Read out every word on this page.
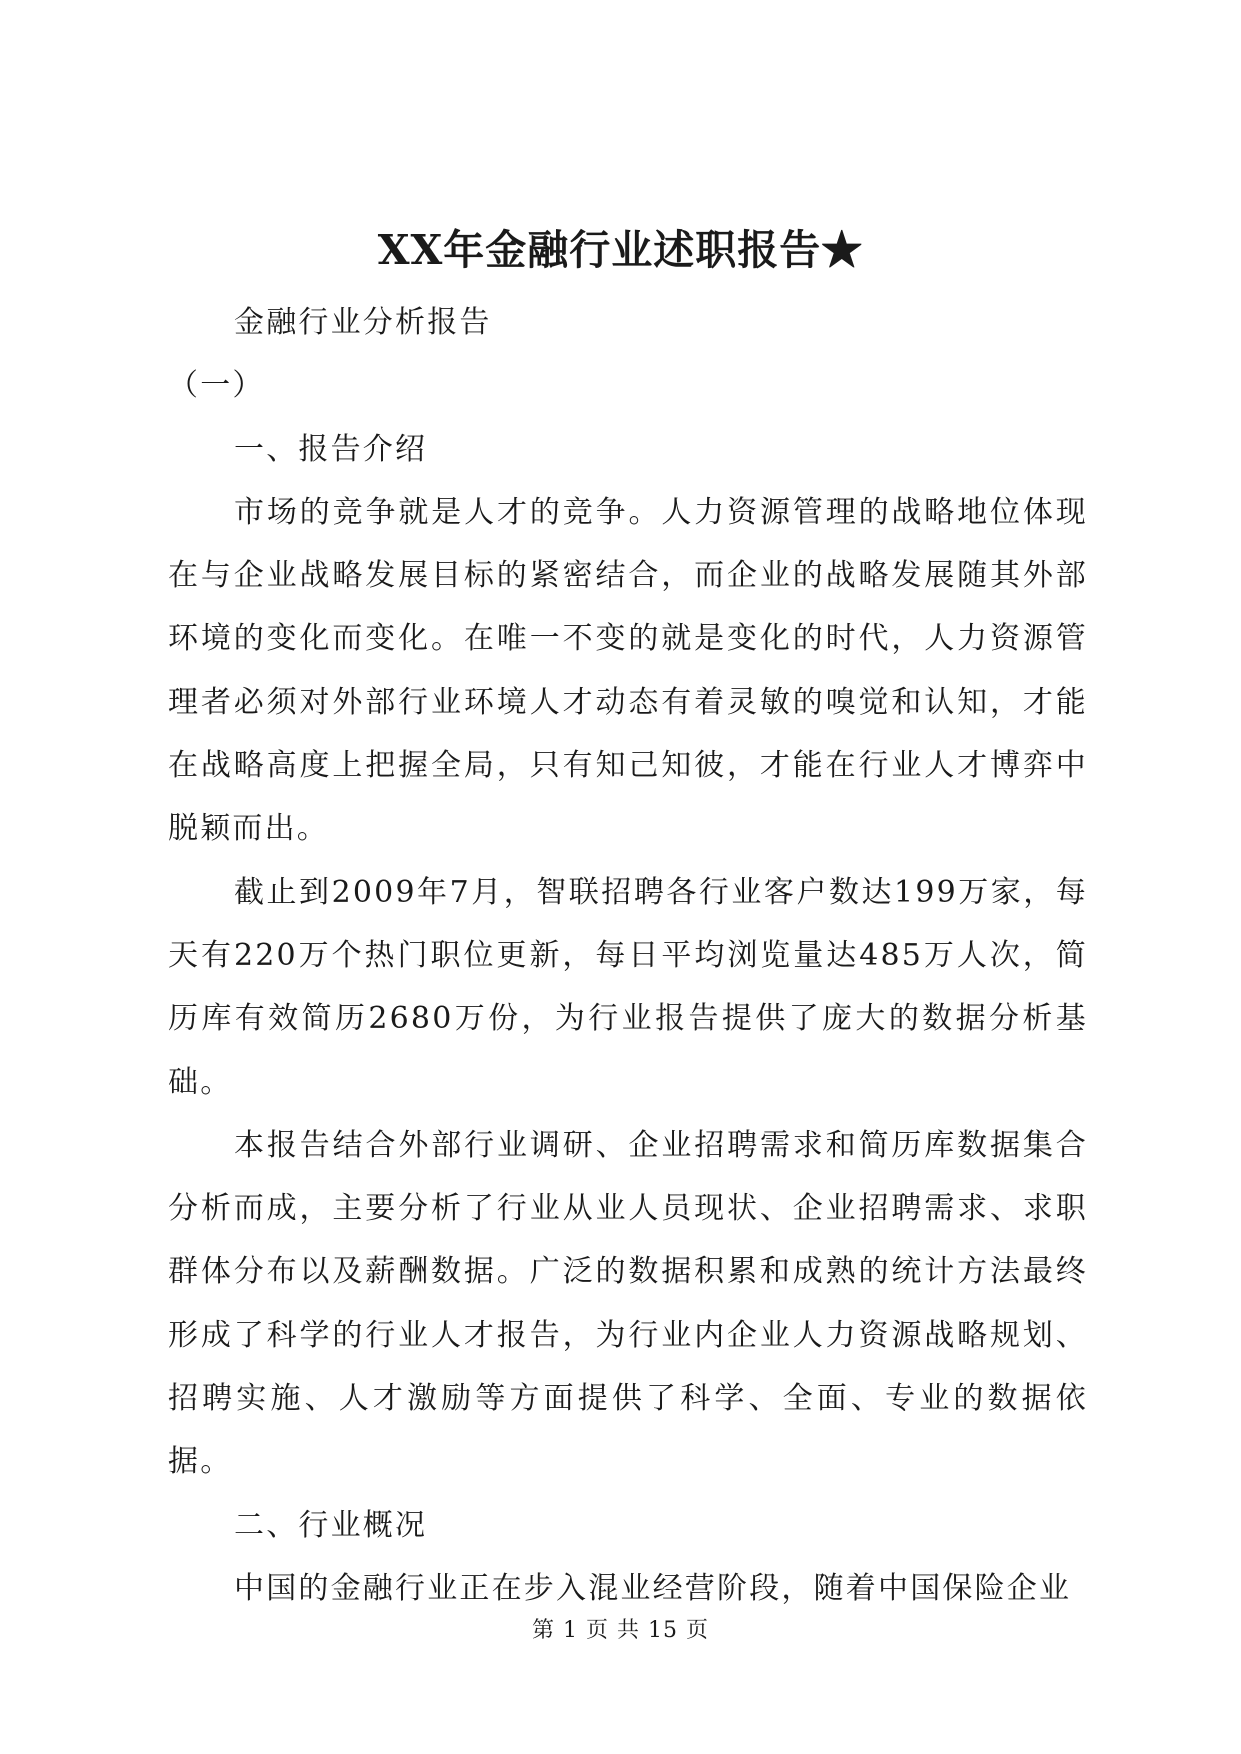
XX年金融行业述职报告★

金融行业分析报告

（一）

一、报告介绍

市场的竞争就是人才的竞争。人力资源管理的战略地位体现在与企业战略发展目标的紧密结合，而企业的战略发展随其外部环境的变化而变化。在唯一不变的就是变化的时代，人力资源管理者必须对外部行业环境人才动态有着灵敏的嗅觉和认知，才能在战略高度上把握全局，只有知己知彼，才能在行业人才博弈中脱颖而出。

截止到2009年7月，智联招聘各行业客户数达199万家，每天有220万个热门职位更新，每日平均浏览量达485万人次，简历库有效简历2680万份，为行业报告提供了庞大的数据分析基础。

本报告结合外部行业调研、企业招聘需求和简历库数据集合分析而成，主要分析了行业从业人员现状、企业招聘需求、求职群体分布以及薪酬数据。广泛的数据积累和成熟的统计方法最终形成了科学的行业人才报告，为行业内企业人力资源战略规划、招聘实施、人才激励等方面提供了科学、全面、专业的数据依据。

二、行业概况

中国的金融行业正在步入混业经营阶段，随着中国保险企业

第 1 页 共 15 页
